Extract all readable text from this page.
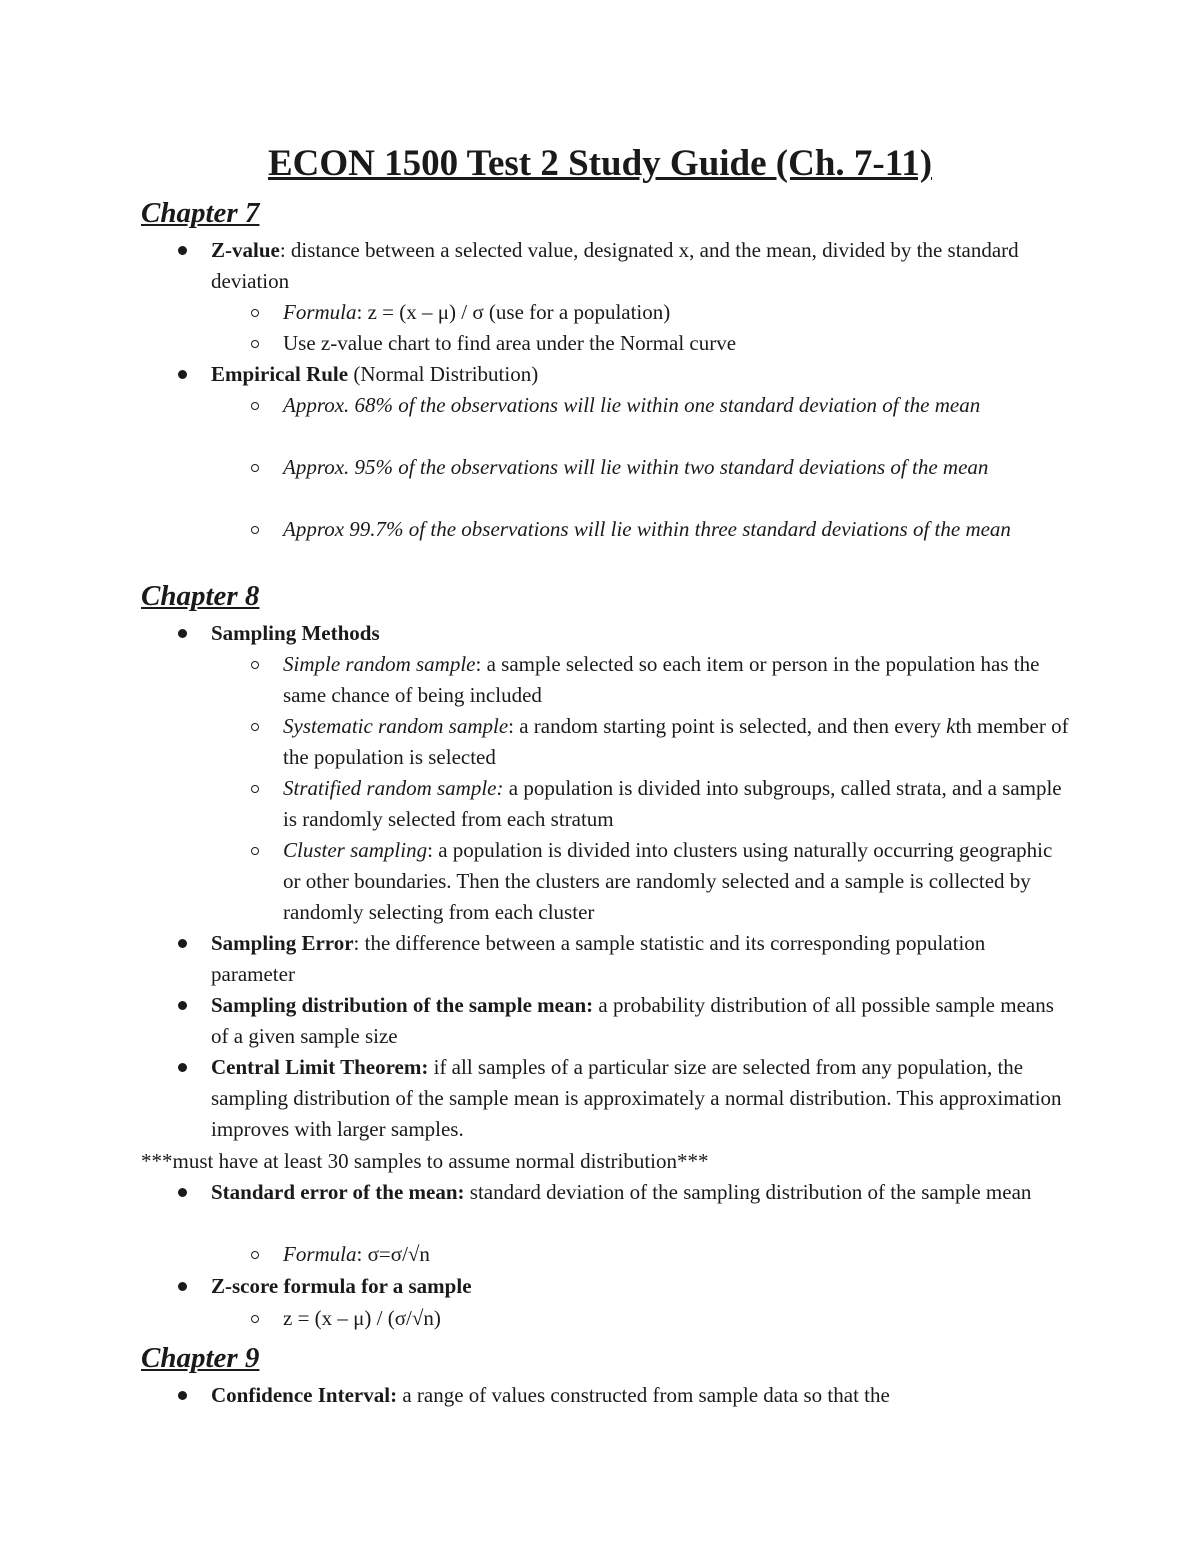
ECON 1500 Test 2 Study Guide (Ch. 7-11)
Chapter 7
Z-value: distance between a selected value, designated x, and the mean, divided by the standard deviation
Formula: z = (x – μ) / σ (use for a population)
Use z-value chart to find area under the Normal curve
Empirical Rule (Normal Distribution)
Approx. 68% of the observations will lie within one standard deviation of the mean
Approx. 95% of the observations will lie within two standard deviations of the mean
Approx 99.7% of the observations will lie within three standard deviations of the mean
Chapter 8
Sampling Methods
Simple random sample: a sample selected so each item or person in the population has the same chance of being included
Systematic random sample: a random starting point is selected, and then every kth member of the population is selected
Stratified random sample: a population is divided into subgroups, called strata, and a sample is randomly selected from each stratum
Cluster sampling: a population is divided into clusters using naturally occurring geographic or other boundaries. Then the clusters are randomly selected and a sample is collected by randomly selecting from each cluster
Sampling Error: the difference between a sample statistic and its corresponding population parameter
Sampling distribution of the sample mean: a probability distribution of all possible sample means of a given sample size
Central Limit Theorem: if all samples of a particular size are selected from any population, the sampling distribution of the sample mean is approximately a normal distribution. This approximation improves with larger samples.
***must have at least 30 samples to assume normal distribution***
Standard error of the mean: standard deviation of the sampling distribution of the sample mean
Formula: σ=σ/√n
Z-score formula for a sample
z = (x – μ) / (σ/√n)
Chapter 9
Confidence Interval: a range of values constructed from sample data so that the
